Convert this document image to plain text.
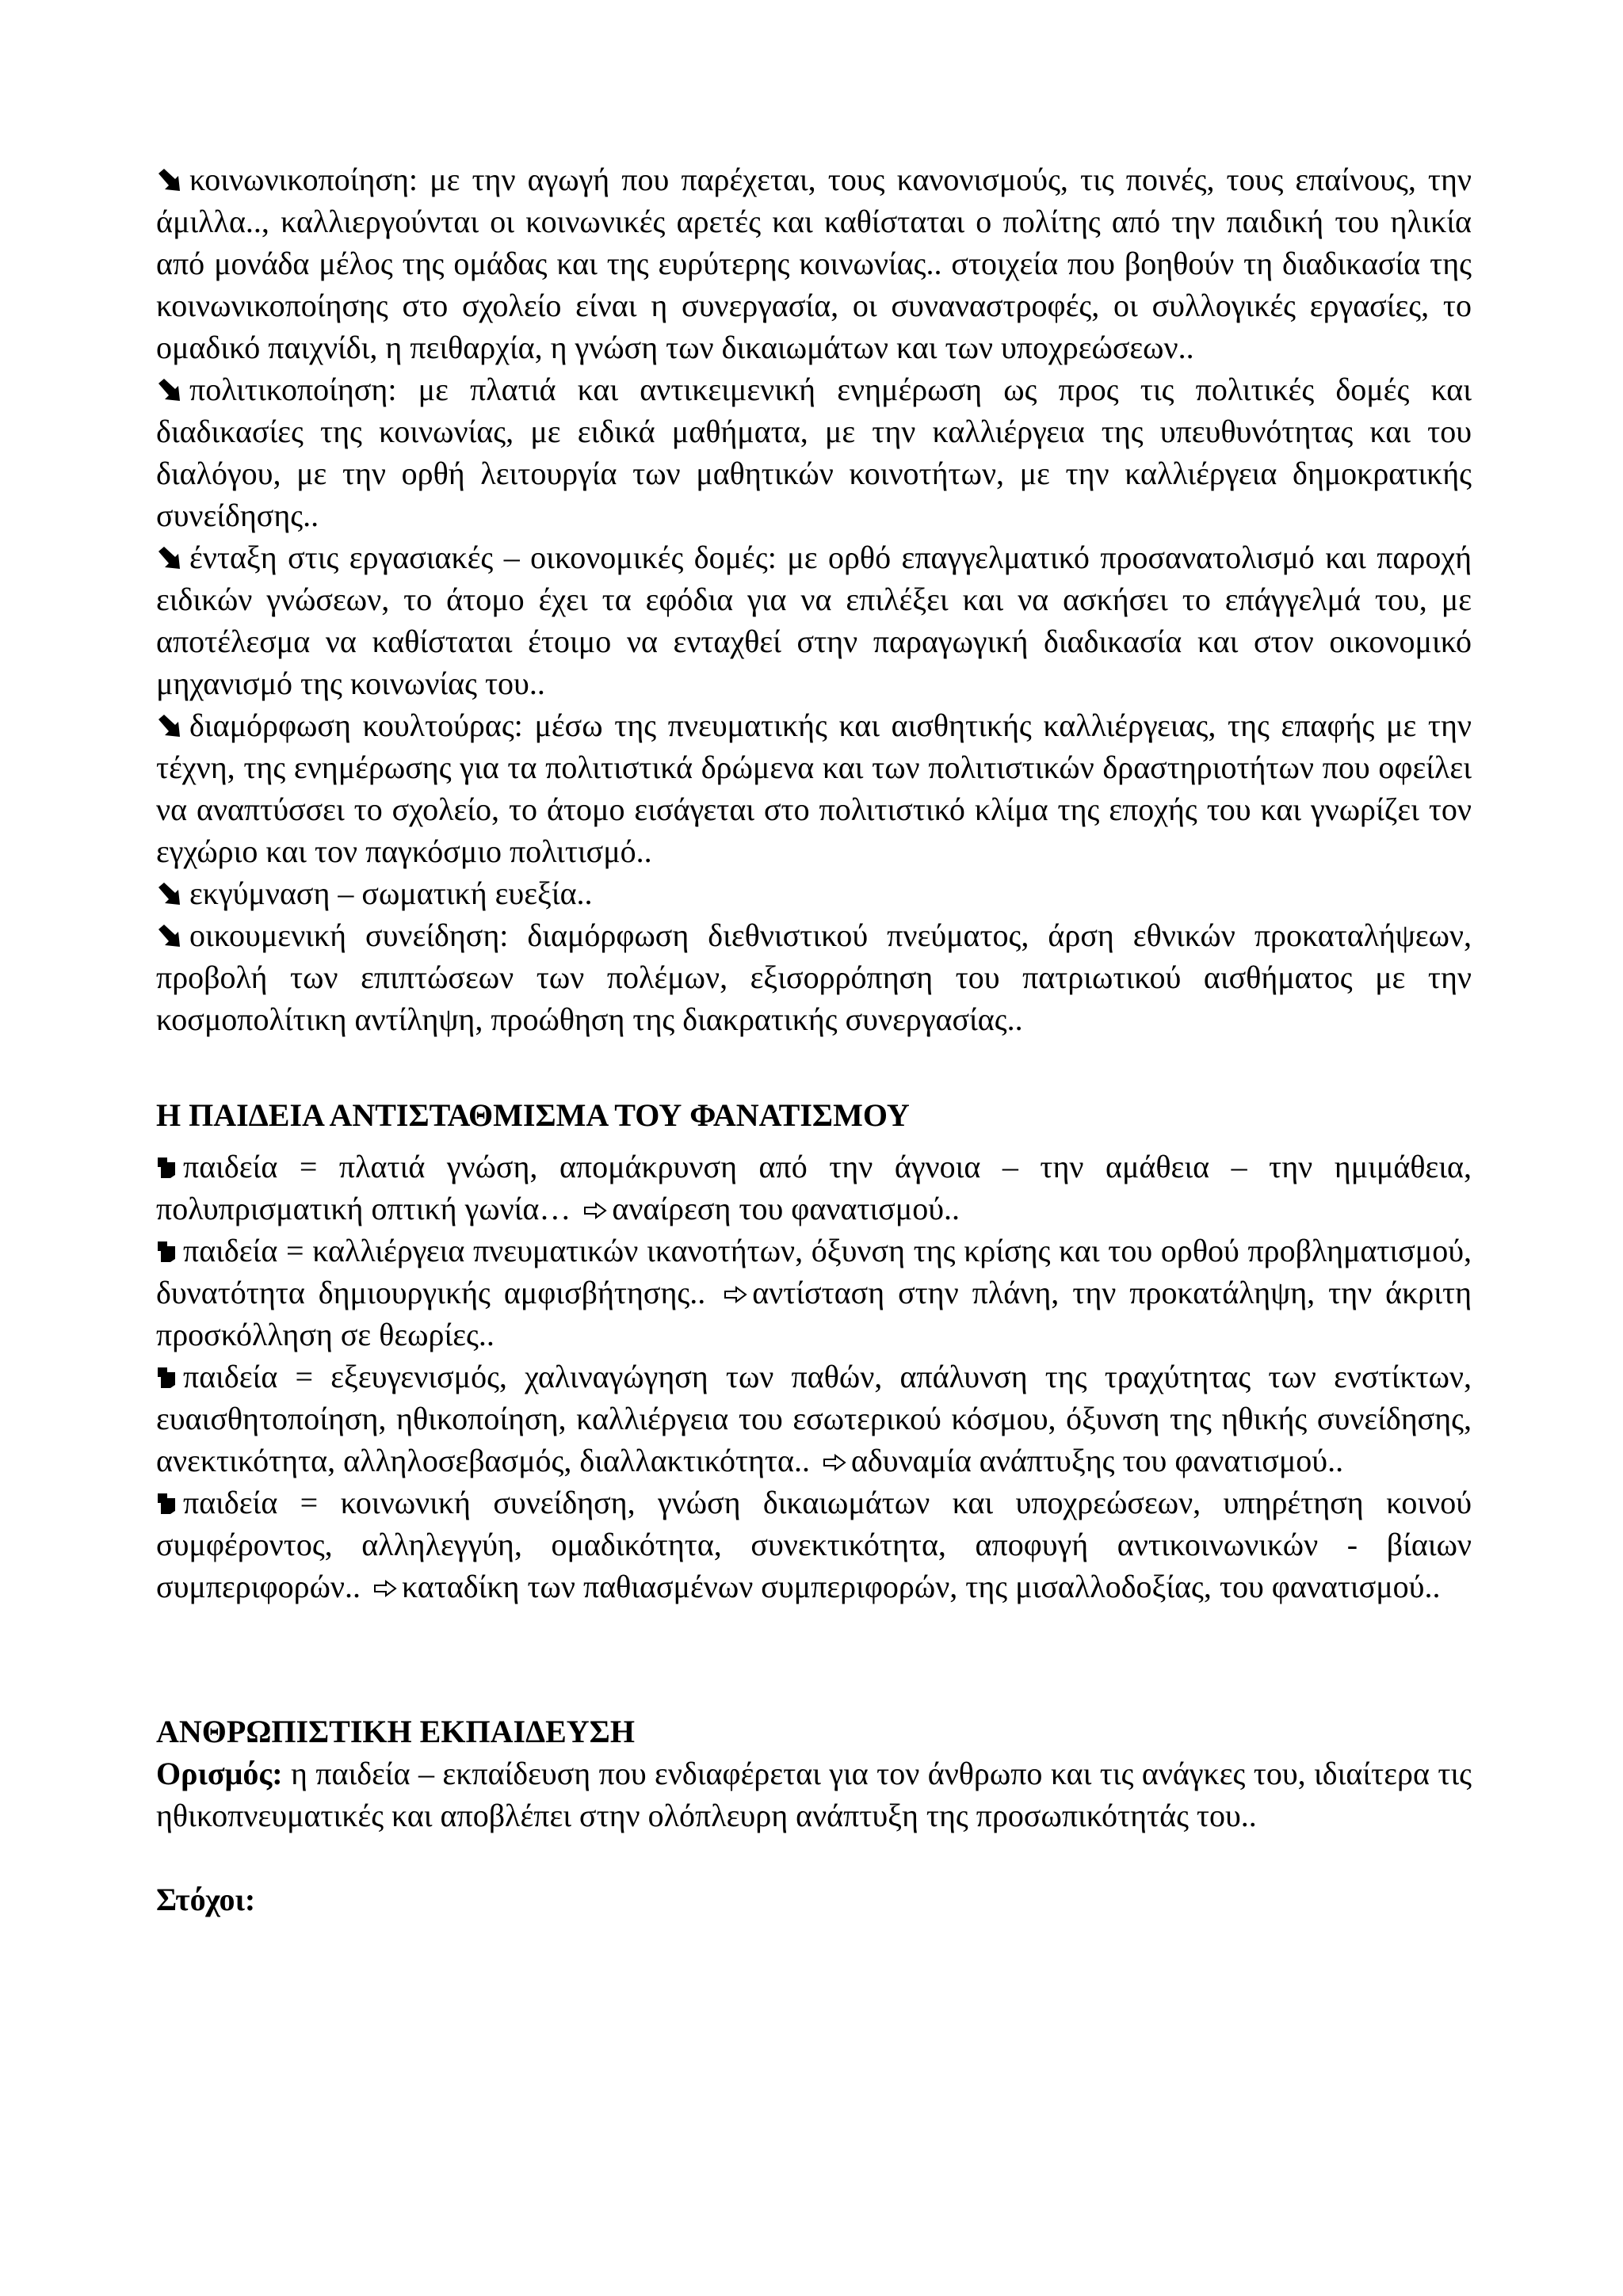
κοινωνικοποίηση: με την αγωγή που παρέχεται, τους κανονισμούς, τις ποινές, τους επαίνους, την άμιλλα.., καλλιεργούνται οι κοινωνικές αρετές και καθίσταται ο πολίτης από την παιδική του ηλικία από μονάδα μέλος της ομάδας και της ευρύτερης κοινωνίας.. στοιχεία που βοηθούν τη διαδικασία της κοινωνικοποίησης στο σχολείο είναι η συνεργασία, οι συναναστροφές, οι συλλογικές εργασίες, το ομαδικό παιχνίδι, η πειθαρχία, η γνώση των δικαιωμάτων και των υποχρεώσεων..

πολιτικοποίηση: με πλατιά και αντικειμενική ενημέρωση ως προς τις πολιτικές δομές και διαδικασίες της κοινωνίας, με ειδικά μαθήματα, με την καλλιέργεια της υπευθυνότητας και του διαλόγου, με την ορθή λειτουργία των μαθητικών κοινοτήτων, με την καλλιέργεια δημοκρατικής συνείδησης..

ένταξη στις εργασιακές – οικονομικές δομές: με ορθό επαγγελματικό προσανατολισμό και παροχή ειδικών γνώσεων, το άτομο έχει τα εφόδια για να επιλέξει και να ασκήσει το επάγγελμά του, με αποτέλεσμα να καθίσταται έτοιμο να ενταχθεί στην παραγωγική διαδικασία και στον οικονομικό μηχανισμό της κοινωνίας του..

διαμόρφωση κουλτούρας: μέσω της πνευματικής και αισθητικής καλλιέργειας, της επαφής με την τέχνη, της ενημέρωσης για τα πολιτιστικά δρώμενα και των πολιτιστικών δραστηριοτήτων που οφείλει να αναπτύσσει το σχολείο, το άτομο εισάγεται στο πολιτιστικό κλίμα της εποχής του και γνωρίζει τον εγχώριο και τον παγκόσμιο πολιτισμό..

εκγύμναση – σωματική ευεξία..

οικουμενική συνείδηση: διαμόρφωση διεθνιστικού πνεύματος, άρση εθνικών προκαταλήψεων, προβολή των επιπτώσεων των πολέμων, εξισορρόπηση του πατριωτικού αισθήματος με την κοσμοπολίτικη αντίληψη, προώθηση της διακρατικής συνεργασίας..

Η ΠΑΙΔΕΙΑ ΑΝΤΙΣΤΑΘΜΙΣΜΑ ΤΟΥ ΦΑΝΑΤΙΣΜΟΥ

παιδεία = πλατιά γνώση, απομάκρυνση από την άγνοια – την αμάθεια – την ημιμάθεια, πολυπρισματική οπτική γωνία… αναίρεση του φανατισμού..

παιδεία = καλλιέργεια πνευματικών ικανοτήτων, όξυνση της κρίσης και του ορθού προβληματισμού, δυνατότητα δημιουργικής αμφισβήτησης.. αντίσταση στην πλάνη, την προκατάληψη, την άκριτη προσκόλληση σε θεωρίες..

παιδεία = εξευγενισμός, χαλιναγώγηση των παθών, απάλυνση της τραχύτητας των ενστίκτων, ευαισθητοποίηση, ηθικοποίηση, καλλιέργεια του εσωτερικού κόσμου, όξυνση της ηθικής συνείδησης, ανεκτικότητα, αλληλοσεβασμός, διαλλακτικότητα.. αδυναμία ανάπτυξης του φανατισμού..

παιδεία = κοινωνική συνείδηση, γνώση δικαιωμάτων και υποχρεώσεων, υπηρέτηση κοινού συμφέροντος, αλληλεγγύη, ομαδικότητα, συνεκτικότητα, αποφυγή αντικοινωνικών - βίαιων συμπεριφορών.. καταδίκη των παθιασμένων συμπεριφορών, της μισαλλοδοξίας, του φανατισμού..

ΑΝΘΡΩΠΙΣΤΙΚΗ ΕΚΠΑΙΔΕΥΣΗ

Ορισμός: η παιδεία – εκπαίδευση που ενδιαφέρεται για τον άνθρωπο και τις ανάγκες του, ιδιαίτερα τις ηθικοπνευματικές και αποβλέπει στην ολόπλευρη ανάπτυξη της προσωπικότητάς του..

Στόχοι:
